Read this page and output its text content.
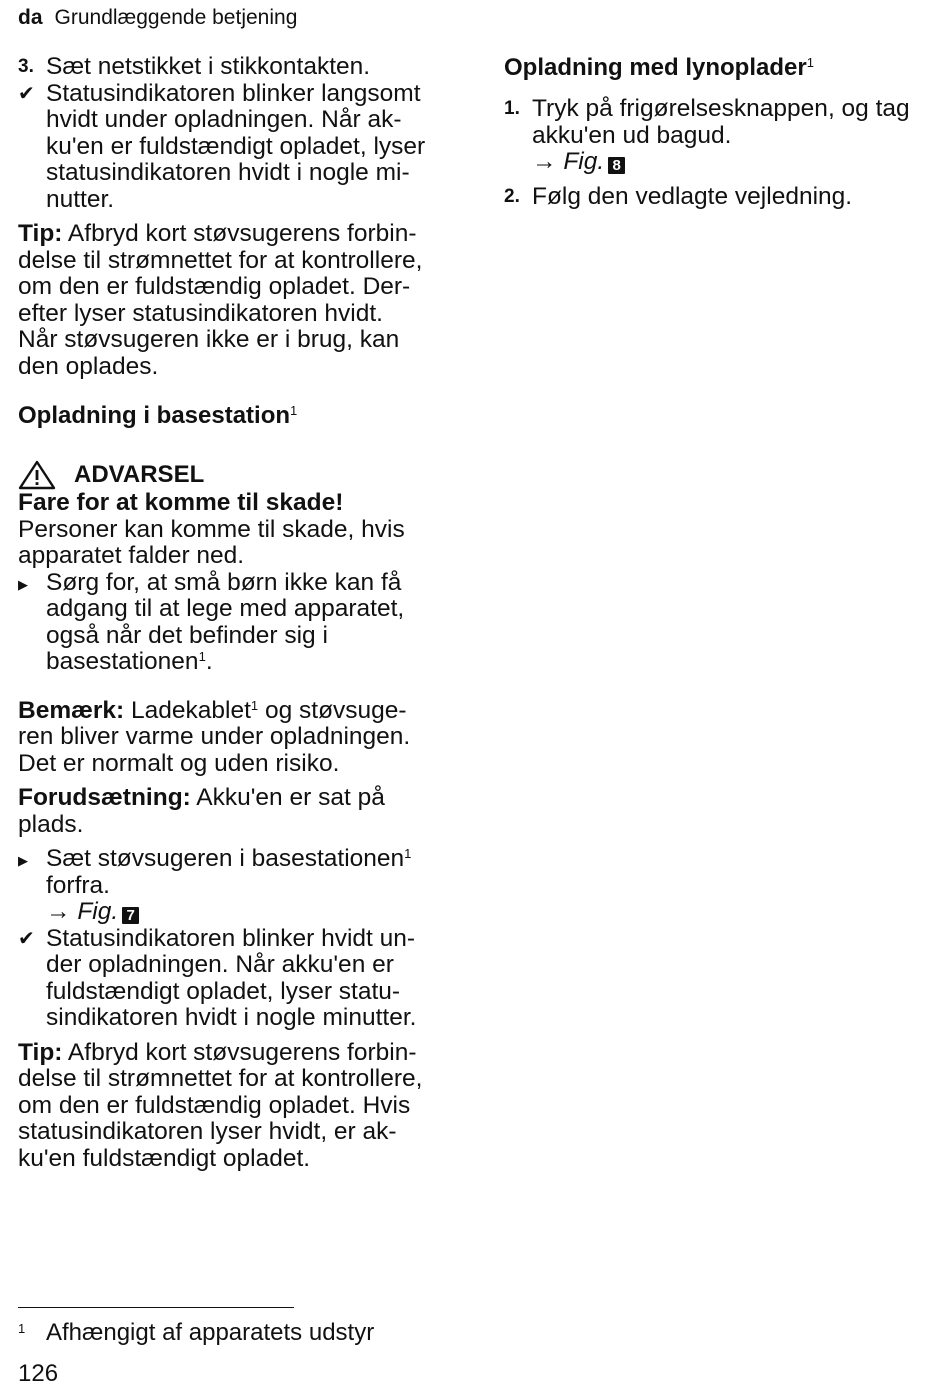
da Grundlæggende betjening
3. Sæt netstikket i stikkontakten.
✔ Statusindikatoren blinker langsomt
hvidt under opladningen. Når ak-
ku'en er fuldstændigt opladet, lyser
statusindikatoren hvidt i nogle mi-
nutter.

Tip: Afbryd kort støvsugerens forbin-
delse til strømnettet for at kontrollere,
om den er fuldstændig opladet. Der-
efter lyser statusindikatoren hvidt.
Når støvsugeren ikke er i brug, kan
den oplades.

Opladning i basestation$^1$
ADVARSEL

Fare for at komme til skade!

Personer kan komme til skade, hvis
apparatet falder ned.

▶ Sørg for, at små børn ikke kan få
adgang til at lege med apparatet,
også når det befinder sig i
basestationen$^1$.

Bemærk: Ladekablet$^1$ og støvsuge-
ren bliver varme under opladningen.
Det er normalt og uden risiko.

Forudsætning: Akku'en er sat på
plads.

▶ Sæt støvsugeren i basestationen$^1$
forfra.
→ Fig. 7
✔ Statusindikatoren blinker hvidt un-
der opladningen. Når akku'en er
fuldstændigt opladet, lyser statu-
sindikatoren hvidt i nogle minutter.

Tip: Afbryd kort støvsugerens forbin-
delse til strømnettet for at kontrollere,
om den er fuldstændig opladet. Hvis
statusindikatoren lyser hvidt, er ak-
ku'en fuldstændigt opladet.

Opladning med lynoplader$^1$
1. Tryk på frigørelsesknappen, og tag
akku'en ud bagud.
→ Fig. 8
2. Følg den vedlagte vejledning.
1 Afhængigt af apparatets udstyr
126
